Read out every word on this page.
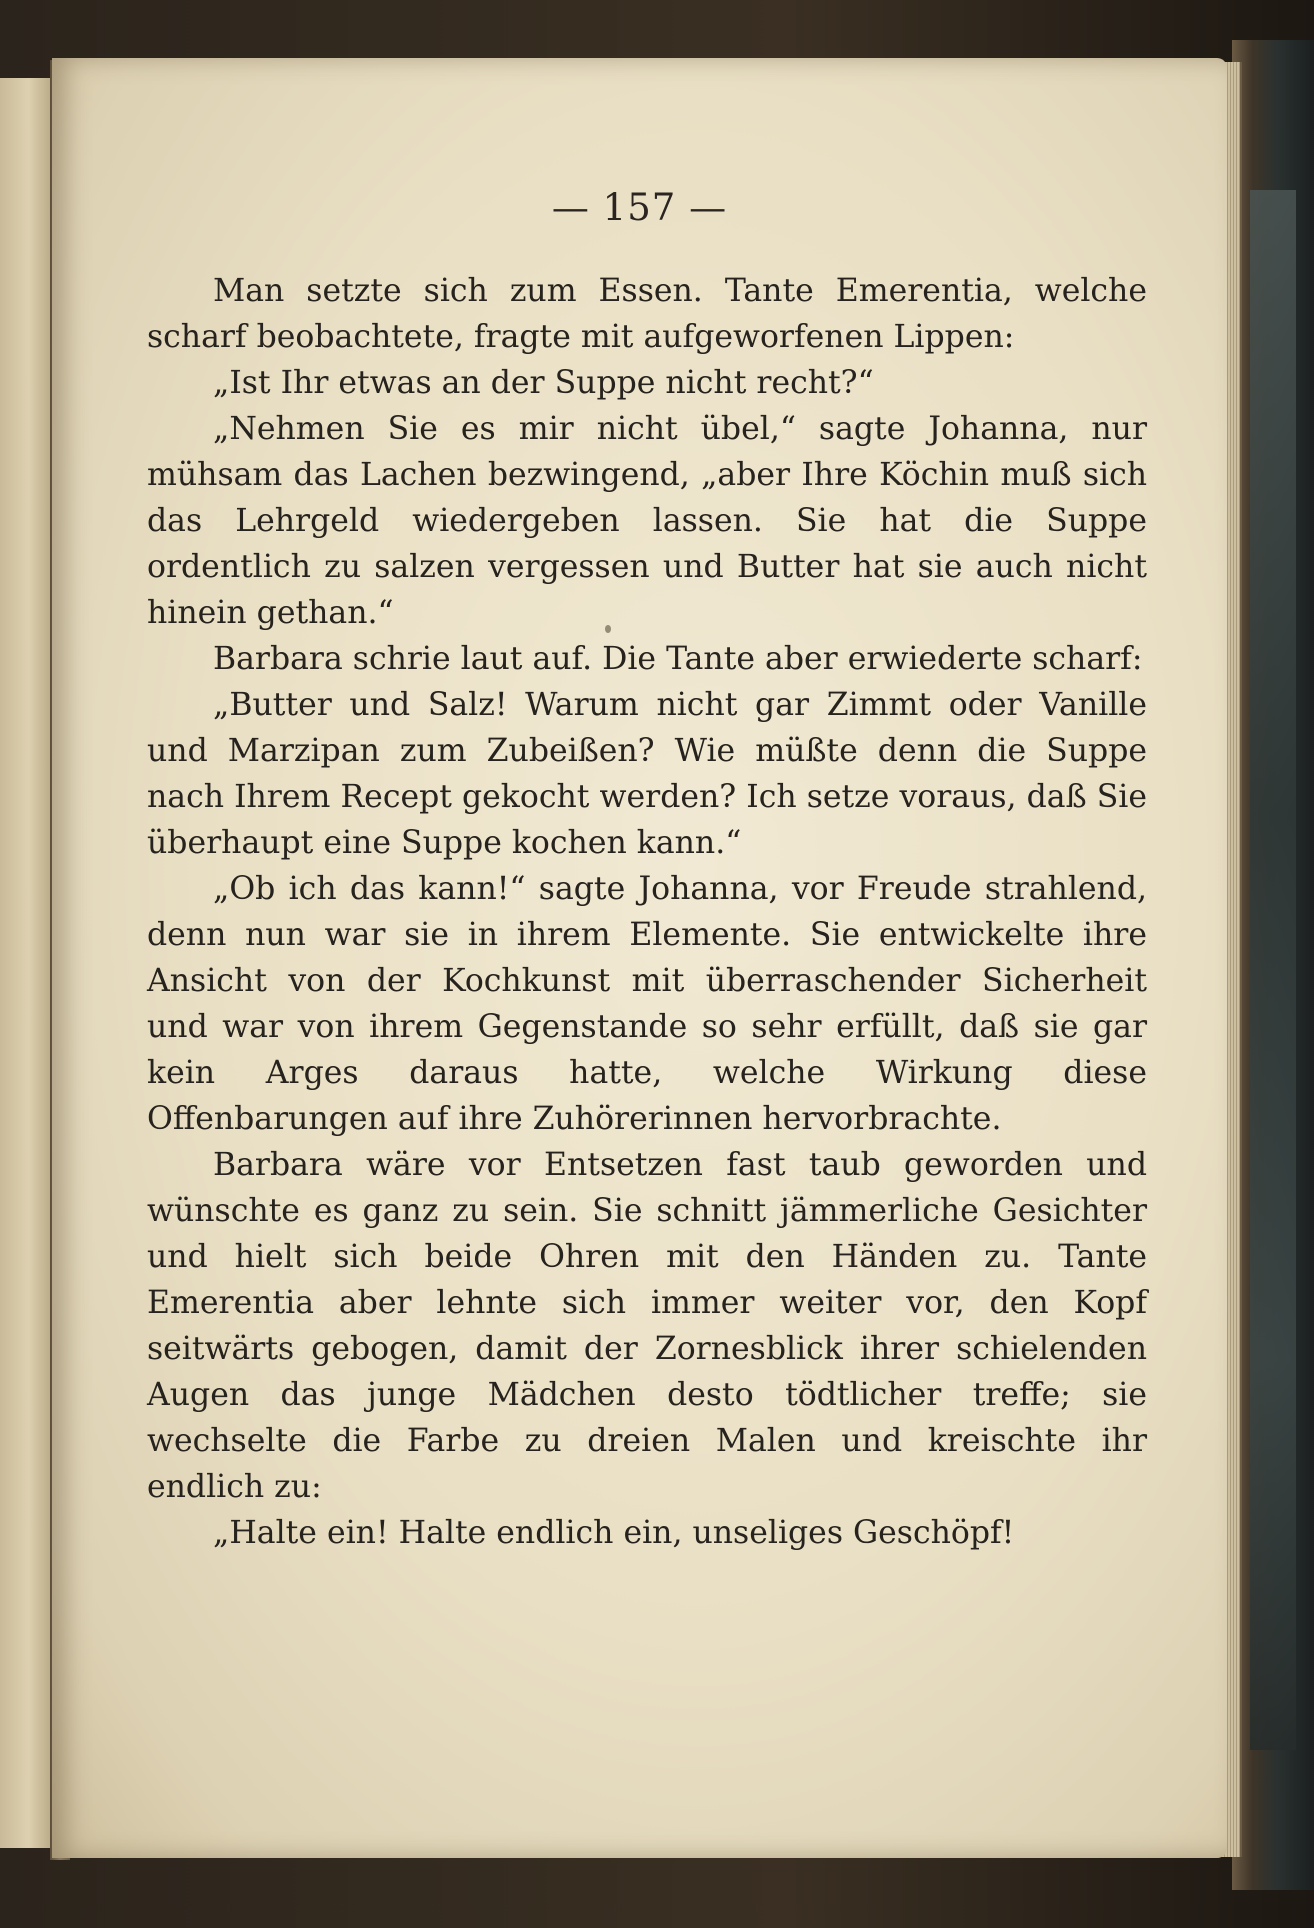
— 157 —

Man setzte sich zum Essen. Tante Emerentia, welche scharf beobachtete, fragte mit aufgeworfenen Lippen:

„Ist Ihr etwas an der Suppe nicht recht?“

„Nehmen Sie es mir nicht übel,“ sagte Johanna, nur mühsam das Lachen bezwingend, „aber Ihre Köchin muß sich das Lehrgeld wiedergeben lassen. Sie hat die Suppe ordentlich zu salzen vergessen und Butter hat sie auch nicht hinein gethan.“

Barbara schrie laut auf. Die Tante aber erwiederte scharf:

„Butter und Salz! Warum nicht gar Zimmt oder Vanille und Marzipan zum Zubeißen? Wie müßte denn die Suppe nach Ihrem Recept gekocht werden? Ich setze voraus, daß Sie überhaupt eine Suppe kochen kann.“

„Ob ich das kann!“ sagte Johanna, vor Freude strahlend, denn nun war sie in ihrem Elemente. Sie entwickelte ihre Ansicht von der Kochkunst mit überraschender Sicherheit und war von ihrem Gegenstande so sehr erfüllt, daß sie gar kein Arges daraus hatte, welche Wirkung diese Offenbarungen auf ihre Zuhörerinnen hervorbrachte.

Barbara wäre vor Entsetzen fast taub geworden und wünschte es ganz zu sein. Sie schnitt jämmerliche Gesichter und hielt sich beide Ohren mit den Händen zu. Tante Emerentia aber lehnte sich immer weiter vor, den Kopf seitwärts gebogen, damit der Zornesblick ihrer schielenden Augen das junge Mädchen desto tödtlicher treffe; sie wechselte die Farbe zu dreien Malen und kreischte ihr endlich zu:

„Halte ein! Halte endlich ein, unseliges Geschöpf!
